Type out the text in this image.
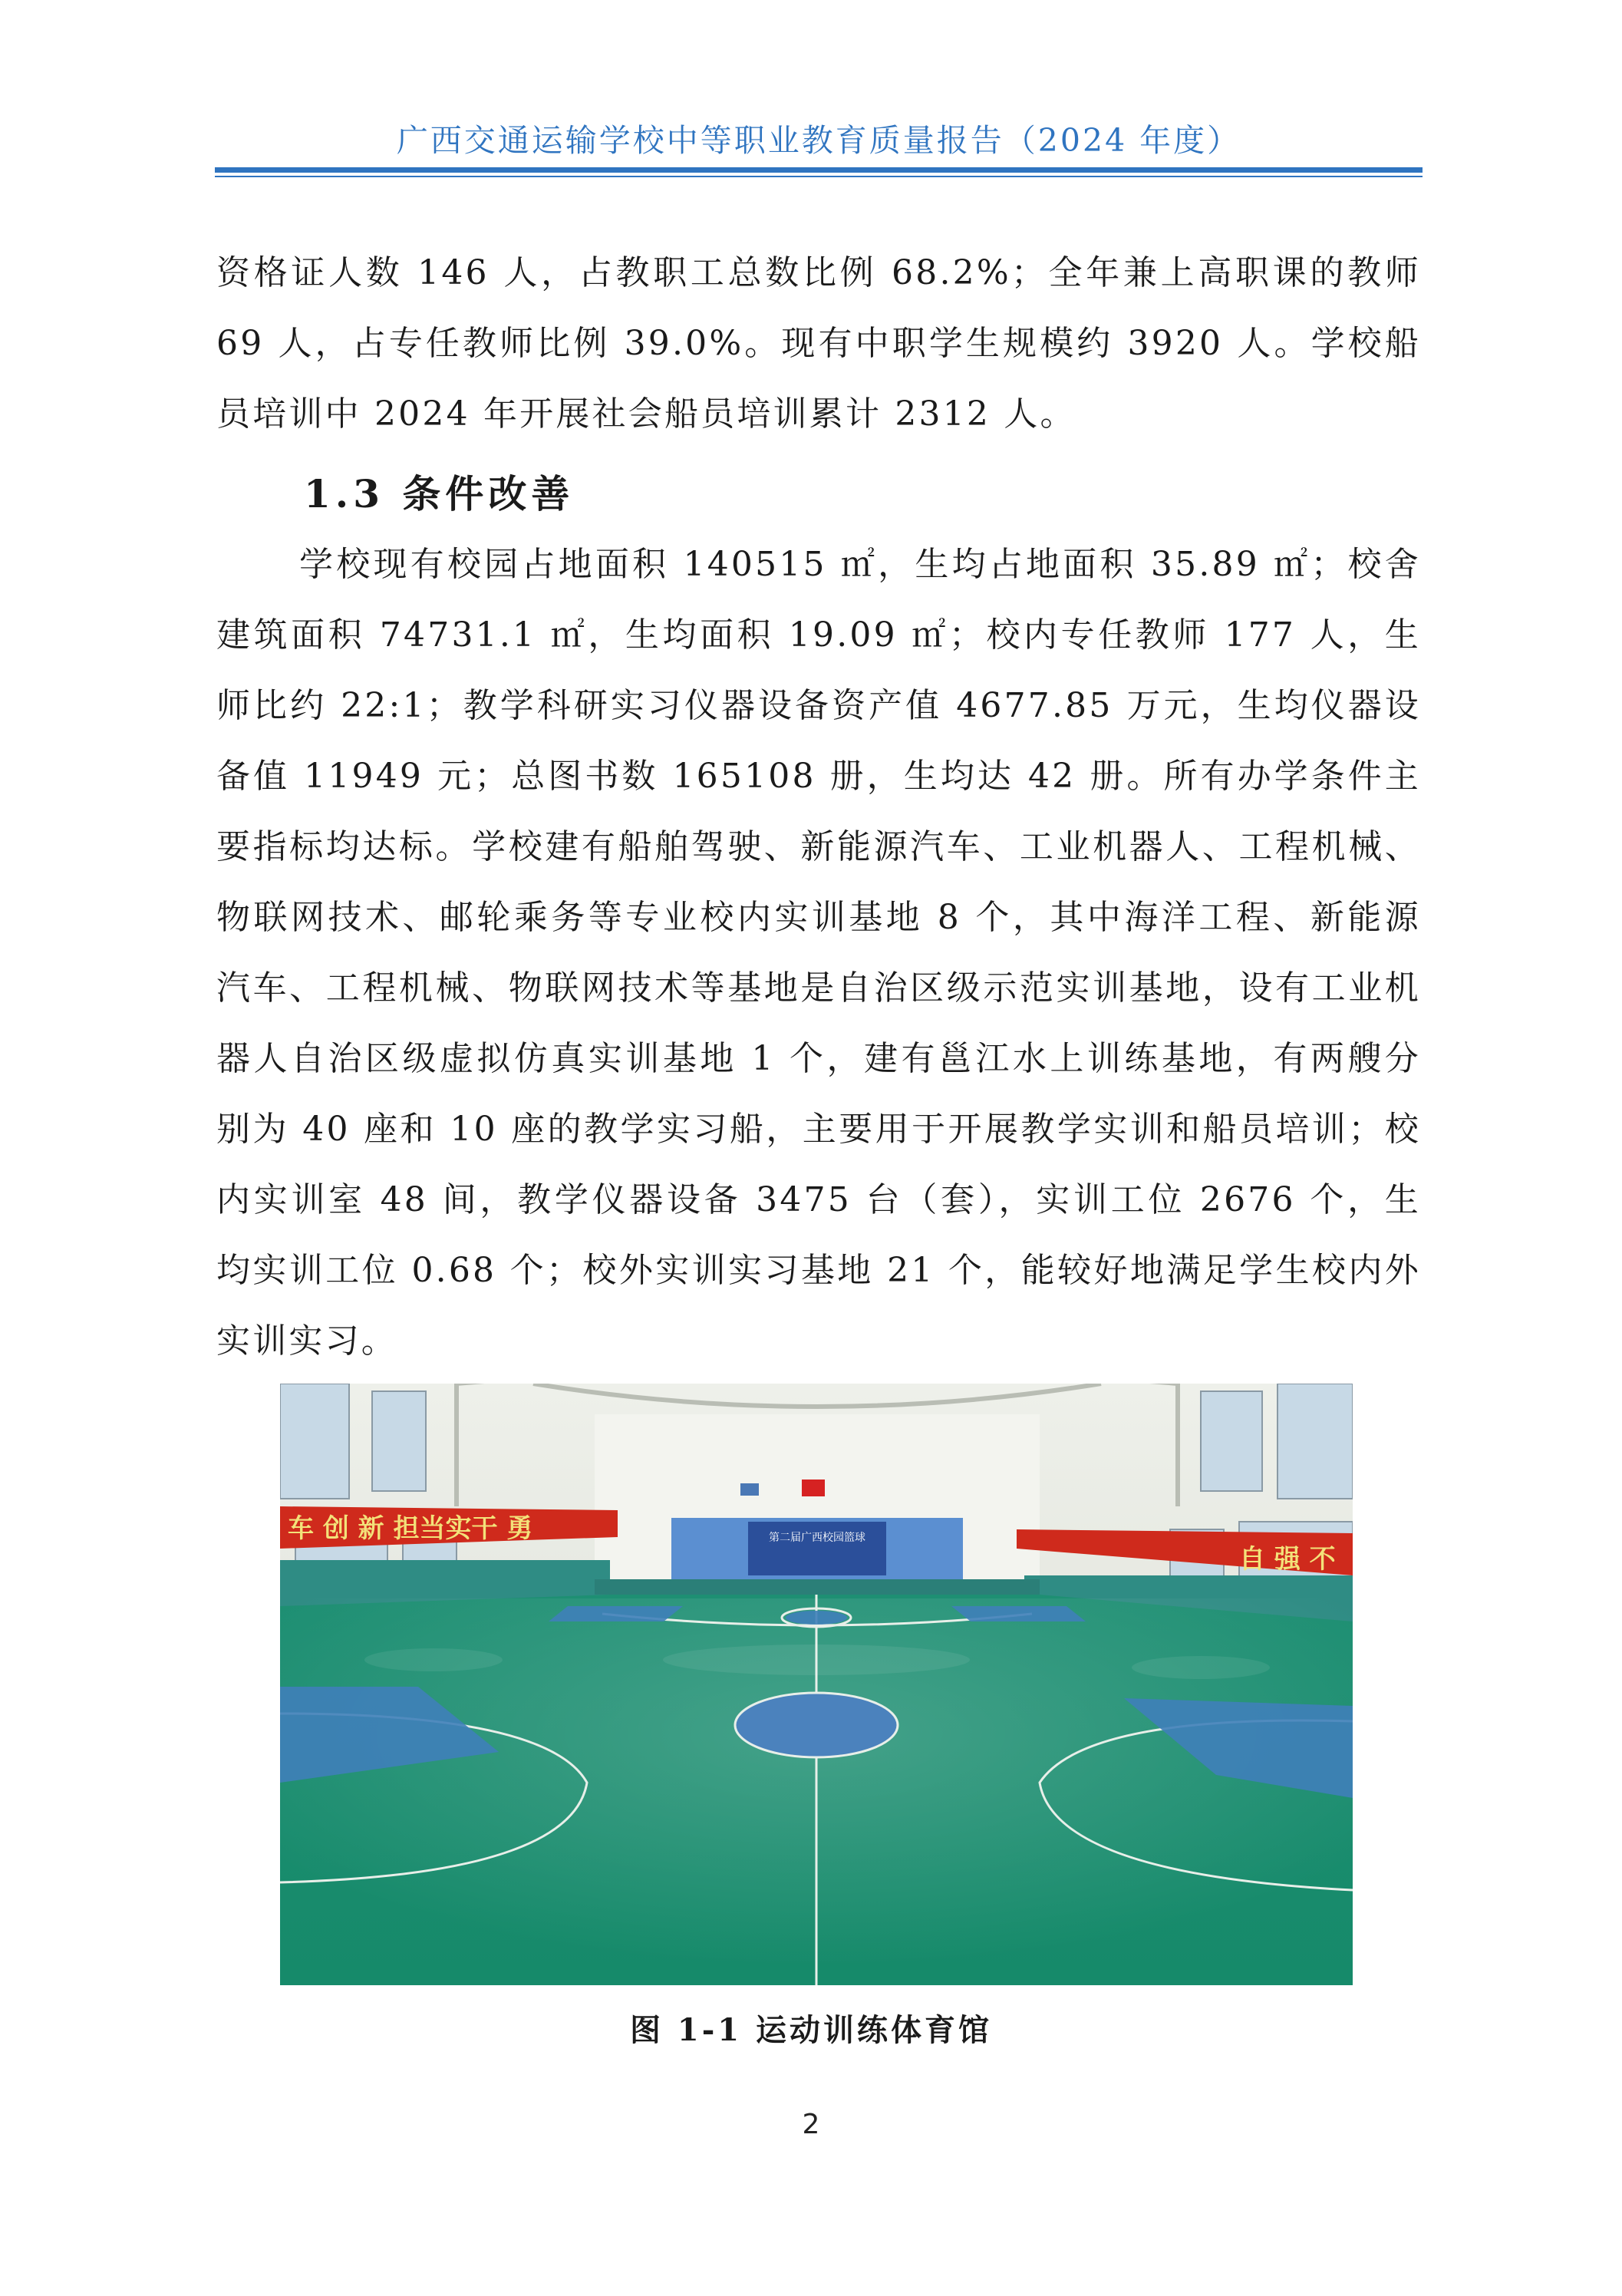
广西交通运输学校中等职业教育质量报告（2024 年度）

资格证人数 146 人，占教职工总数比例 68.2%；全年兼上高职课的教师 69 人，占专任教师比例 39.0%。现有中职学生规模约 3920 人。学校船员培训中 2024 年开展社会船员培训累计 2312 人。

1.3 条件改善

学校现有校园占地面积 140515 ㎡，生均占地面积 35.89 ㎡；校舍建筑面积 74731.1 ㎡，生均面积 19.09 ㎡；校内专任教师 177 人，生师比约 22:1；教学科研实习仪器设备资产值 4677.85 万元，生均仪器设备值 11949 元；总图书数 165108 册，生均达 42 册。所有办学条件主要指标均达标。学校建有船舶驾驶、新能源汽车、工业机器人、工程机械、物联网技术、邮轮乘务等专业校内实训基地 8 个，其中海洋工程、新能源汽车、工程机械、物联网技术等基地是自治区级示范实训基地，设有工业机器人自治区级虚拟仿真实训基地 1 个，建有邕江水上训练基地，有两艘分别为 40 座和 10 座的教学实习船，主要用于开展教学实训和船员培训；校内实训室 48 间，教学仪器设备 3475 台（套），实训工位 2676 个，生均实训工位 0.68 个；校外实训实习基地 21 个，能较好地满足学生校内外实训实习。

第二届广西校园篮球
车 创 新 担当实干 勇
自 强 不
图 1-1 运动训练体育馆
2
